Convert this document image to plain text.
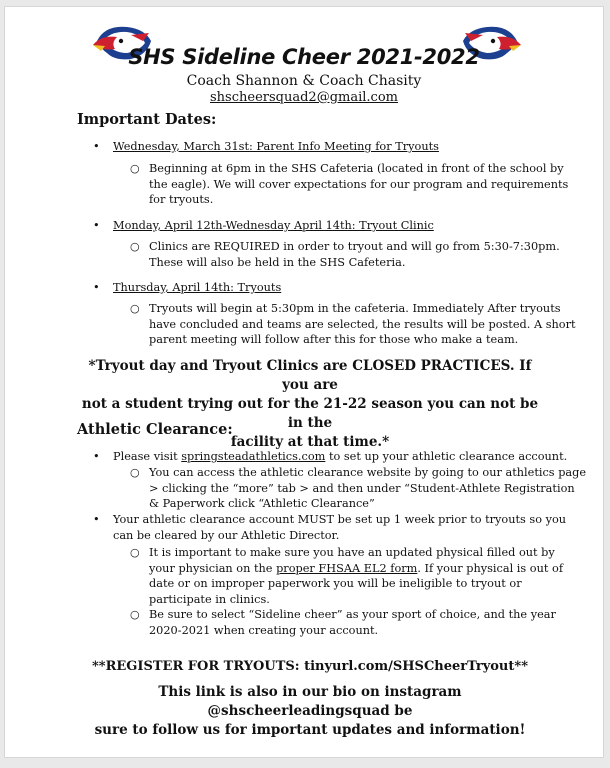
SHS Sideline Cheer 2021-2022
Coach Shannon & Coach Chasity
shscheersquad2@gmail.com
Important Dates:
• Wednesday, March 31st: Parent Info Meeting for Tryouts
○ Beginning at 6pm in the SHS Cafeteria (located in front of the school by
the eagle). We will cover expectations for our program and requirements
for tryouts.
• Monday, April 12th-Wednesday April 14th: Tryout Clinic
○ Clinics are REQUIRED in order to tryout and will go from 5:30-7:30pm.
These will also be held in the SHS Cafeteria.
• Thursday, April 14th: Tryouts
○ Tryouts will begin at 5:30pm in the cafeteria. Immediately After tryouts
have concluded and teams are selected, the results will be posted. A short
parent meeting will follow after this for those who make a team.
*Tryout day and Tryout Clinics are CLOSED PRACTICES. If you are
not a student trying out for the 21-22 season you can not be in the
facility at that time.*
Athletic Clearance:
• Please visit springsteadathletics.com to set up your athletic clearance account.
○ You can access the athletic clearance website by going to our athletics page
> clicking the “more” tab > and then under “Student-Athlete Registration
& Paperwork click “Athletic Clearance”
• Your athletic clearance account MUST be set up 1 week prior to tryouts so you
can be cleared by our Athletic Director.
○ It is important to make sure you have an updated physical filled out by
your physician on the proper FHSAA EL2 form. If your physical is out of
date or on improper paperwork you will be ineligible to tryout or
participate in clinics.
○ Be sure to select “Sideline cheer” as your sport of choice, and the year
2020-2021 when creating your account.
**REGISTER FOR TRYOUTS: tinyurl.com/SHSCheerTryout**
This link is also in our bio on instagram @shscheerleadingsquad be
sure to follow us for important updates and information!
